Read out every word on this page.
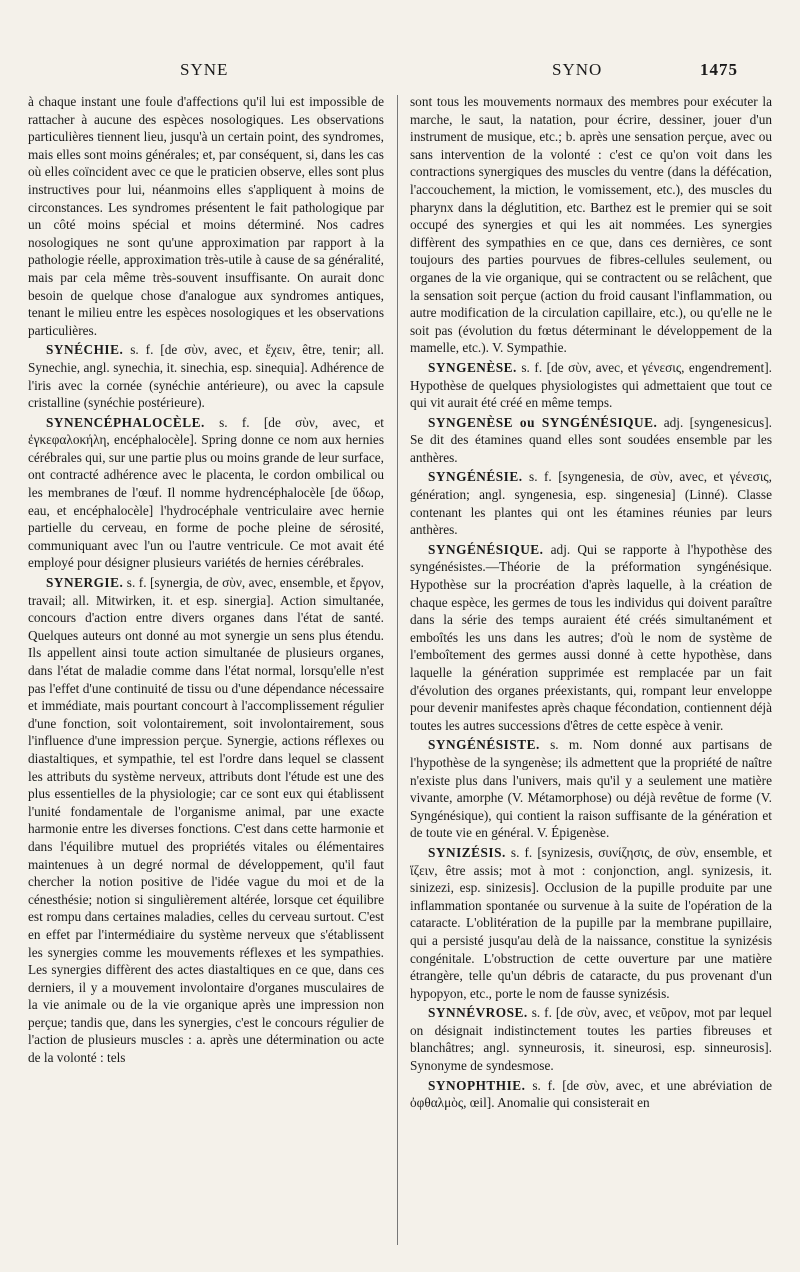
SYNE	SYNO	1475

à chaque instant une foule d'affections qu'il lui est impossible de rattacher à aucune des espèces nosologiques. Les observations particulières tiennent lieu, jusqu'à un certain point, des syndromes, mais elles sont moins générales; et, par conséquent, si, dans les cas où elles coïncident avec ce que le praticien observe, elles sont plus instructives pour lui, néanmoins elles s'appliquent à moins de circonstances. Les syndromes présentent le fait pathologique par un côté moins spécial et moins déterminé. Nos cadres nosologiques ne sont qu'une approximation par rapport à la pathologie réelle, approximation très-utile à cause de sa généralité, mais par cela même très-souvent insuffisante. On aurait donc besoin de quelque chose d'analogue aux syndromes antiques, tenant le milieu entre les espèces nosologiques et les observations particulières.

SYNÉCHIE. s. f. [de σὺν, avec, et ἔχειν, être, tenir; all. Synechie, angl. synechia, it. sinechia, esp. sinequia]. Adhérence de l'iris avec la cornée (synéchie antérieure), ou avec la capsule cristalline (synéchie postérieure).

SYNENCÉPHALOCÈLE. s. f. [de σὺν, avec, et ἐγκεφαλοκήλη, encéphalocèle]. Spring donne ce nom aux hernies cérébrales qui, sur une partie plus ou moins grande de leur surface, ont contracté adhérence avec le placenta, le cordon ombilical ou les membranes de l'œuf. Il nomme hydrencéphalocèle [de ὕδωρ, eau, et encéphalocèle] l'hydrocéphale ventriculaire avec hernie partielle du cerveau, en forme de poche pleine de sérosité, communiquant avec l'un ou l'autre ventricule. Ce mot avait été employé pour désigner plusieurs variétés de hernies cérébrales.

SYNERGIE. s. f. [synergia, de σὺν, avec, ensemble, et ἔργον, travail; all. Mitwirken, it. et esp. sinergia]. Action simultanée, concours d'action entre divers organes dans l'état de santé. Quelques auteurs ont donné au mot synergie un sens plus étendu. Ils appellent ainsi toute action simultanée de plusieurs organes, dans l'état de maladie comme dans l'état normal, lorsqu'elle n'est pas l'effet d'une continuité de tissu ou d'une dépendance nécessaire et immédiate, mais pourtant concourt à l'accomplissement régulier d'une fonction, soit volontairement, soit involontairement, sous l'influence d'une impression perçue. Synergie, actions réflexes ou diastaltiques, et sympathie, tel est l'ordre dans lequel se classent les attributs du système nerveux, attributs dont l'étude est une des plus essentielles de la physiologie; car ce sont eux qui établissent l'unité fondamentale de l'organisme animal, par une exacte harmonie entre les diverses fonctions. C'est dans cette harmonie et dans l'équilibre mutuel des propriétés vitales ou élémentaires maintenues à un degré normal de développement, qu'il faut chercher la notion positive de l'idée vague du moi et de la cénesthésie; notion si singulièrement altérée, lorsque cet équilibre est rompu dans certaines maladies, celles du cerveau surtout. C'est en effet par l'intermédiaire du système nerveux que s'établissent les synergies comme les mouvements réflexes et les sympathies. Les synergies diffèrent des actes diastaltiques en ce que, dans ces derniers, il y a mouvement involontaire d'organes musculaires de la vie animale ou de la vie organique après une impression non perçue; tandis que, dans les synergies, c'est le concours régulier de l'action de plusieurs muscles : a. après une détermination ou acte de la volonté : tels

sont tous les mouvements normaux des membres pour exécuter la marche, le saut, la natation, pour écrire, dessiner, jouer d'un instrument de musique, etc.; b. après une sensation perçue, avec ou sans intervention de la volonté : c'est ce qu'on voit dans les contractions synergiques des muscles du ventre (dans la défécation, l'accouchement, la miction, le vomissement, etc.), des muscles du pharynx dans la déglutition, etc. Barthez est le premier qui se soit occupé des synergies et qui les ait nommées. Les synergies diffèrent des sympathies en ce que, dans ces dernières, ce sont toujours des parties pourvues de fibres-cellules seulement, ou organes de la vie organique, qui se contractent ou se relâchent, que la sensation soit perçue (action du froid causant l'inflammation, ou autre modification de la circulation capillaire, etc.), ou qu'elle ne le soit pas (évolution du fœtus déterminant le développement de la mamelle, etc.). V. Sympathie.

SYNGENÈSE. s. f. [de σὺν, avec, et γένεσις, engendrement]. Hypothèse de quelques physiologistes qui admettaient que tout ce qui vit aurait été créé en même temps.

SYNGENÈSE ou SYNGÉNÉSIQUE. adj. [syngenesicus]. Se dit des étamines quand elles sont soudées ensemble par les anthères.

SYNGÉNÉSIE. s. f. [syngenesia, de σὺν, avec, et γένεσις, génération; angl. syngenesia, esp. singenesia] (Linné). Classe contenant les plantes qui ont les étamines réunies par leurs anthères.

SYNGÉNÉSIQUE. adj. Qui se rapporte à l'hypothèse des syngénésistes.—Théorie de la préformation syngénésique. Hypothèse sur la procréation d'après laquelle, à la création de chaque espèce, les germes de tous les individus qui doivent paraître dans la série des temps auraient été créés simultanément et emboîtés les uns dans les autres; d'où le nom de système de l'emboîtement des germes aussi donné à cette hypothèse, dans laquelle la génération supprimée est remplacée par un fait d'évolution des organes préexistants, qui, rompant leur enveloppe pour devenir manifestes après chaque fécondation, contiennent déjà toutes les autres successions d'êtres de cette espèce à venir.

SYNGÉNÉSISTE. s. m. Nom donné aux partisans de l'hypothèse de la syngenèse; ils admettent que la propriété de naître n'existe plus dans l'univers, mais qu'il y a seulement une matière vivante, amorphe (V. Métamorphose) ou déjà revêtue de forme (V. Syngénésique), qui contient la raison suffisante de la génération et de toute vie en général. V. Épigenèse.

SYNIZÉSIS. s. f. [synizesis, συνίζησις, de σὺν, ensemble, et ἵζειν, être assis; mot à mot : conjonction, angl. synizesis, it. sinizezi, esp. sinizesis]. Occlusion de la pupille produite par une inflammation spontanée ou survenue à la suite de l'opération de la cataracte. L'oblitération de la pupille par la membrane pupillaire, qui a persisté jusqu'au delà de la naissance, constitue la synizésis congénitale. L'obstruction de cette ouverture par une matière étrangère, telle qu'un débris de cataracte, du pus provenant d'un hypopyon, etc., porte le nom de fausse synizésis.

SYNNÉVROSE. s. f. [de σὺν, avec, et νεῦρον, mot par lequel on désignait indistinctement toutes les parties fibreuses et blanchâtres; angl. synneurosis, it. sineurosi, esp. sinneurosis]. Synonyme de syndesmose.

SYNOPHTHIE. s. f. [de σὺν, avec, et une abréviation de ὀφθαλμὸς, œil]. Anomalie qui consisterait en
